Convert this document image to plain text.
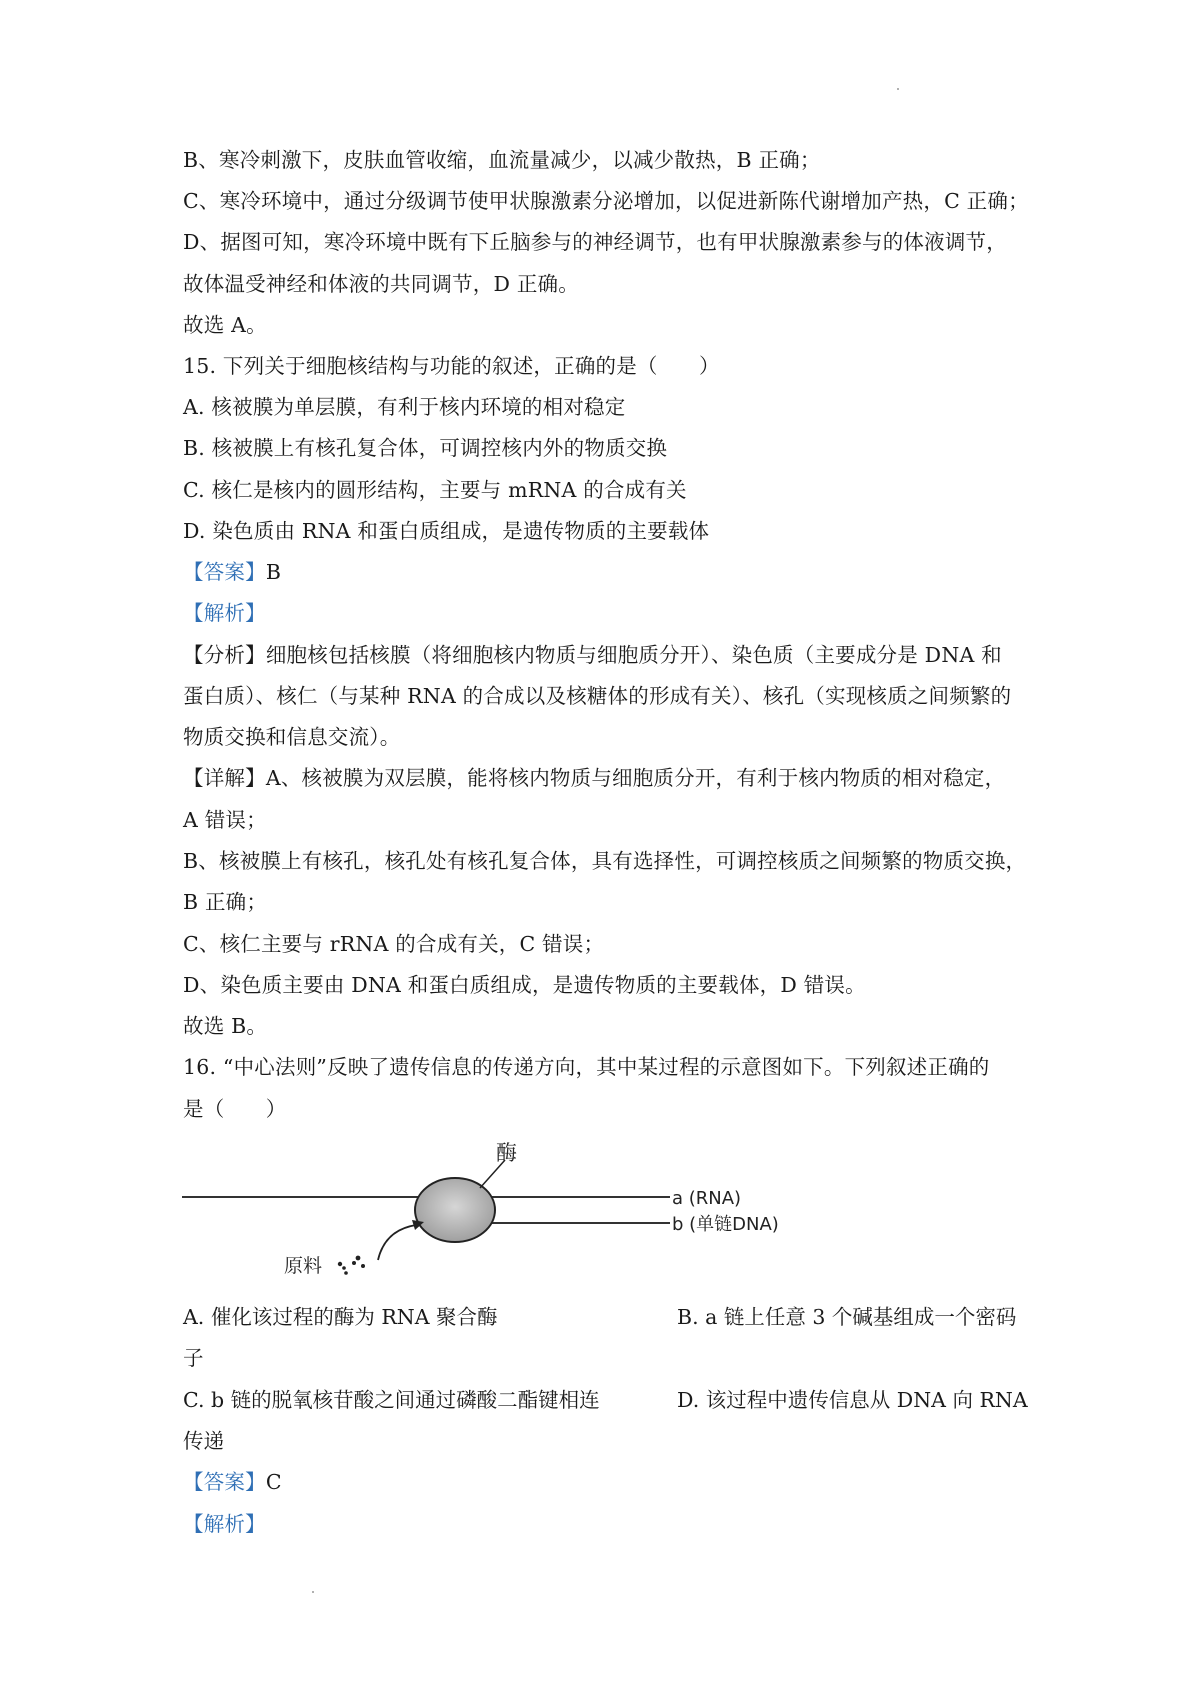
B、寒冷刺激下，皮肤血管收缩，血流量减少，以减少散热，B 正确；
C、寒冷环境中，通过分级调节使甲状腺激素分泌增加，以促进新陈代谢增加产热，C 正确；
D、据图可知，寒冷环境中既有下丘脑参与的神经调节，也有甲状腺激素参与的体液调节，
故体温受神经和体液的共同调节，D 正确。
故选 A。
15. 下列关于细胞核结构与功能的叙述，正确的是（　　）
A. 核被膜为单层膜，有利于核内环境的相对稳定
B. 核被膜上有核孔复合体，可调控核内外的物质交换
C. 核仁是核内的圆形结构，主要与 mRNA 的合成有关
D. 染色质由 RNA 和蛋白质组成，是遗传物质的主要载体
【答案】B
【解析】
【分析】细胞核包括核膜（将细胞核内物质与细胞质分开）、染色质（主要成分是 DNA 和
蛋白质）、核仁（与某种 RNA 的合成以及核糖体的形成有关）、核孔（实现核质之间频繁的
物质交换和信息交流）。
【详解】A、核被膜为双层膜，能将核内物质与细胞质分开，有利于核内物质的相对稳定，
A 错误；
B、核被膜上有核孔，核孔处有核孔复合体，具有选择性，可调控核质之间频繁的物质交换，
B 正确；
C、核仁主要与 rRNA 的合成有关，C 错误；
D、染色质主要由 DNA 和蛋白质组成，是遗传物质的主要载体，D 错误。
故选 B。
16. “中心法则”反映了遗传信息的传递方向，其中某过程的示意图如下。下列叙述正确的
是（　　）
酶
a (RNA)
b (单链DNA)
原料
A. 催化该过程的酶为 RNA 聚合酶	B. a 链上任意 3 个碱基组成一个密码
子
C. b 链的脱氧核苷酸之间通过磷酸二酯键相连	D. 该过程中遗传信息从 DNA 向 RNA
传递
【答案】C
【解析】
